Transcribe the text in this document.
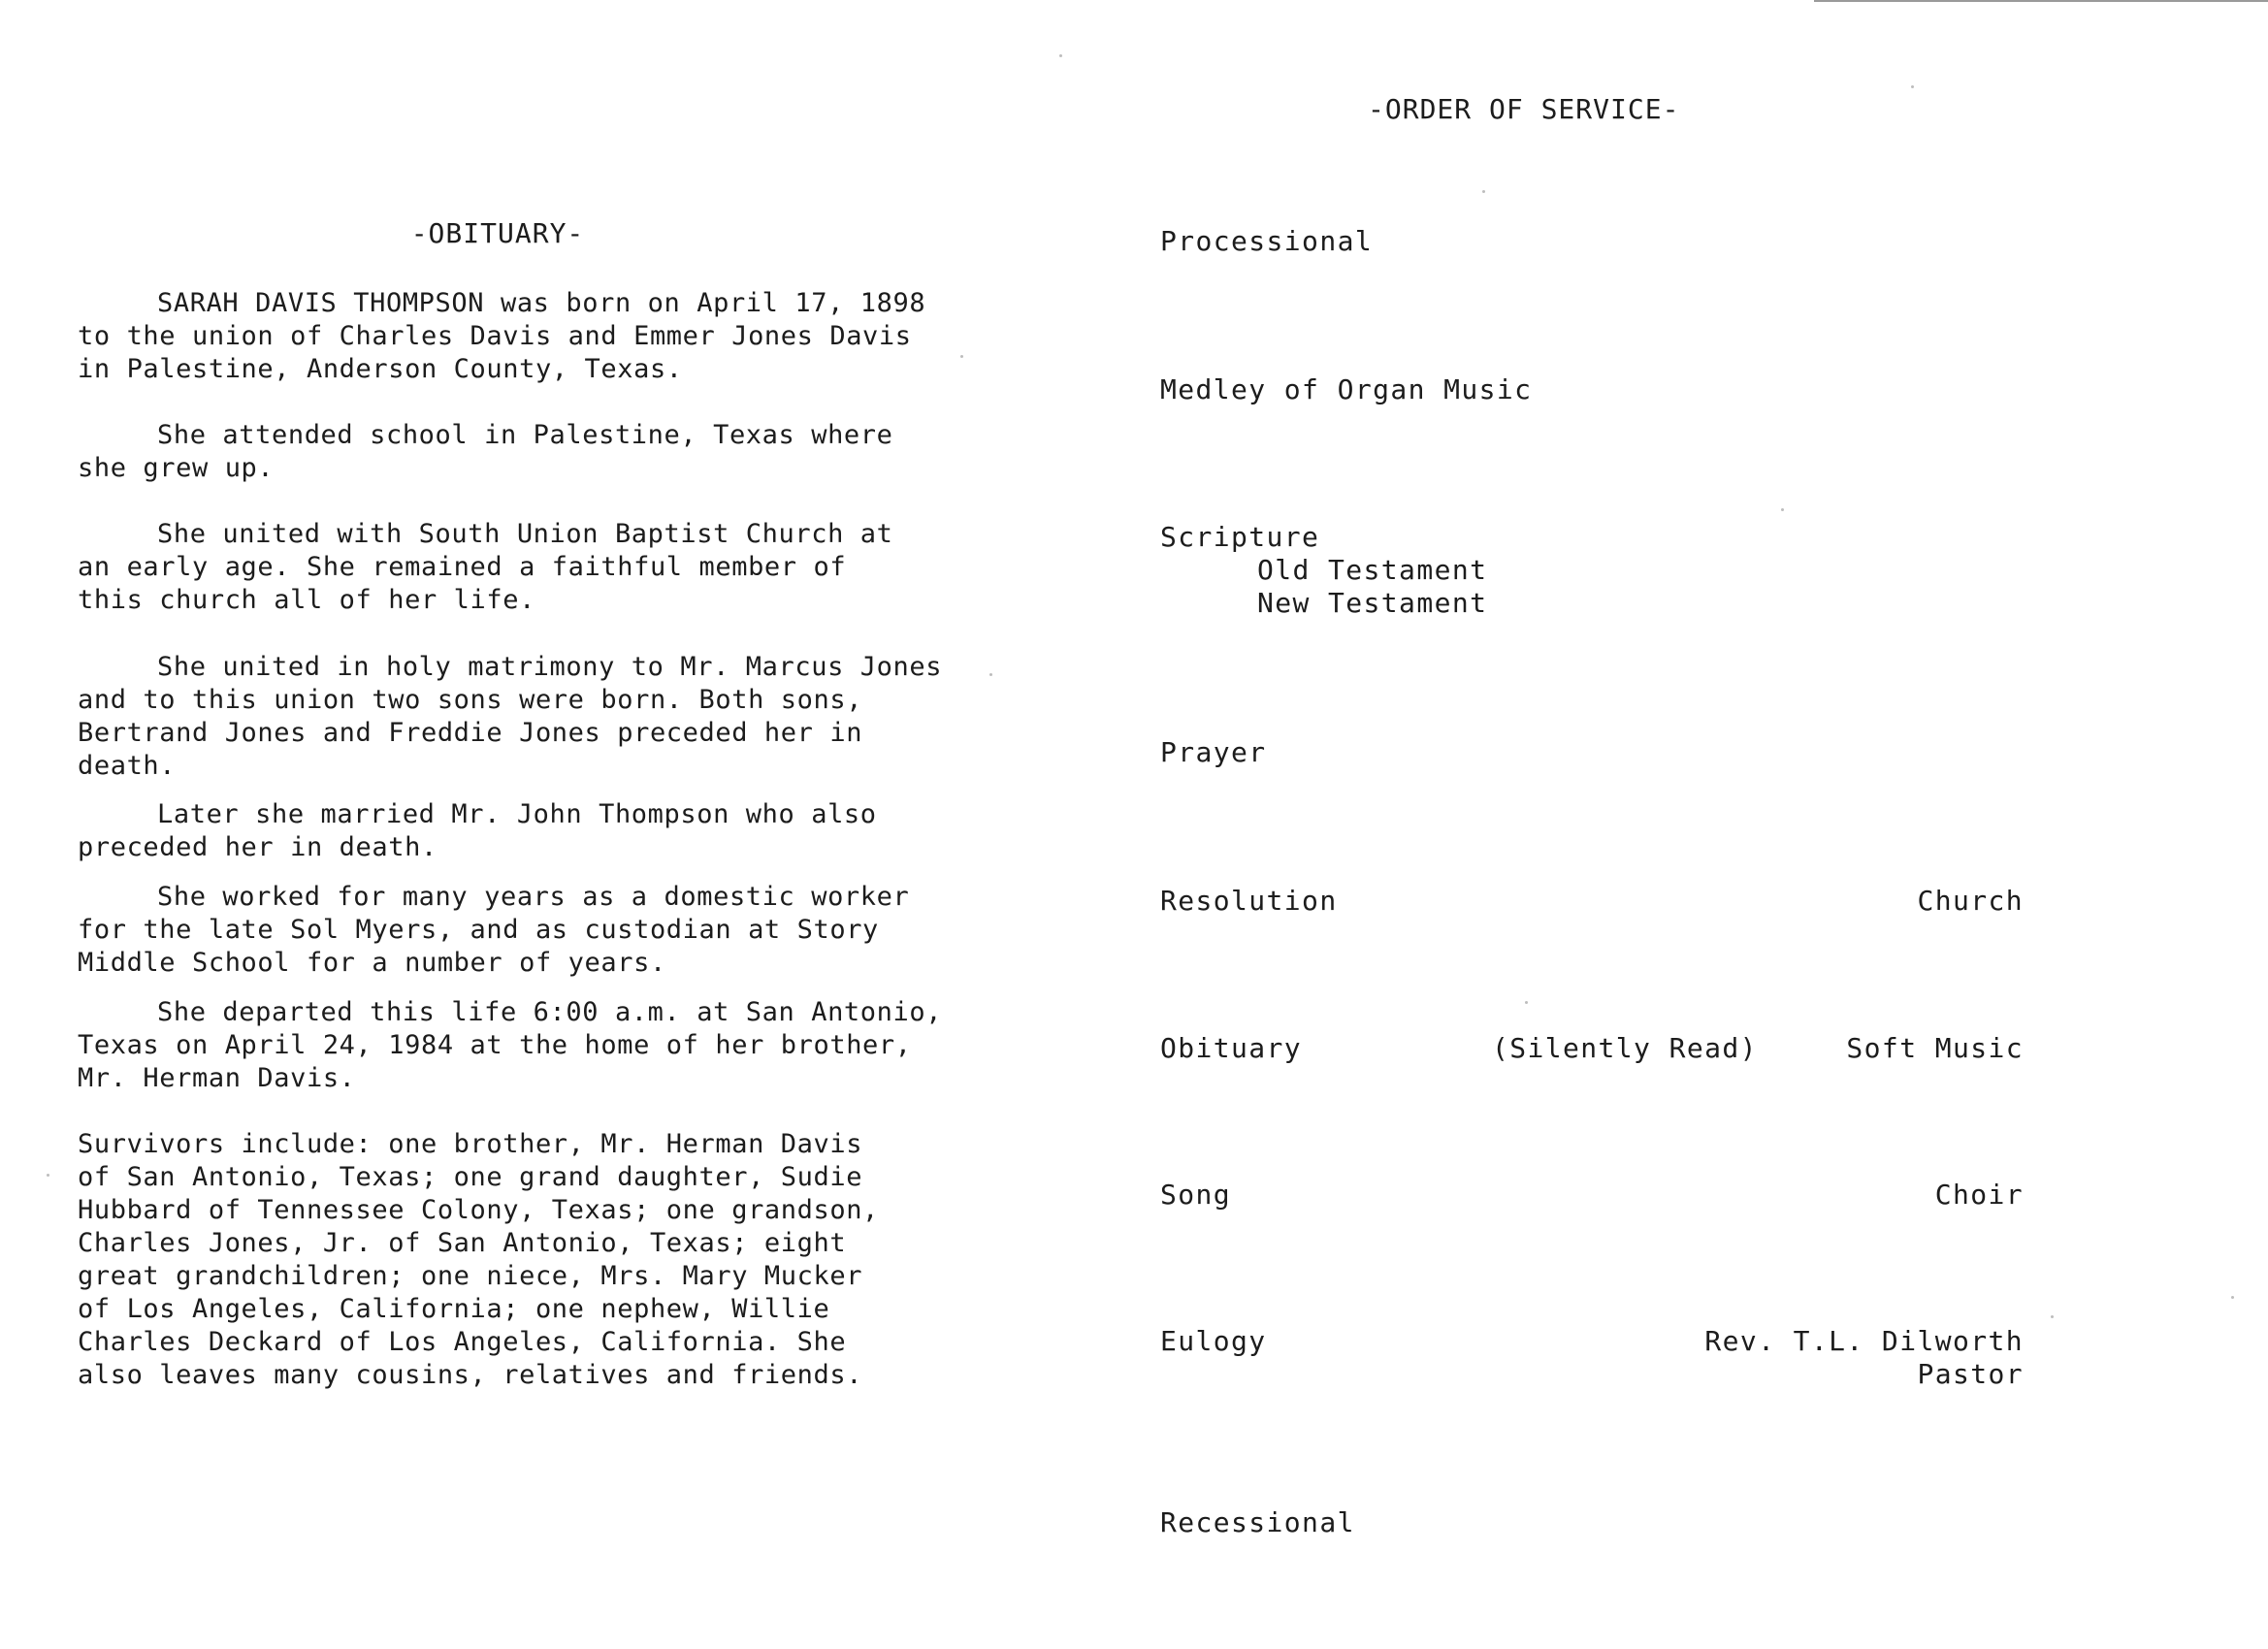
-OBITUARY-

SARAH DAVIS THOMPSON was born on April 17, 1898
to the union of Charles Davis and Emmer Jones Davis
in Palestine, Anderson County, Texas.

She attended school in Palestine, Texas where
she grew up.

She united with South Union Baptist Church at
an early age. She remained a faithful member of
this church all of her life.

She united in holy matrimony to Mr. Marcus Jones
and to this union two sons were born. Both sons,
Bertrand Jones and Freddie Jones preceded her in
death.

Later she married Mr. John Thompson who also
preceded her in death.

She worked for many years as a domestic worker
for the late Sol Myers, and as custodian at Story
Middle School for a number of years.

She departed this life 6:00 a.m. at San Antonio,
Texas on April 24, 1984 at the home of her brother,
Mr. Herman Davis.

Survivors include: one brother, Mr. Herman Davis
of San Antonio, Texas; one grand daughter, Sudie
Hubbard of Tennessee Colony, Texas; one grandson,
Charles Jones, Jr. of San Antonio, Texas; eight
great grandchildren; one niece, Mrs. Mary Mucker
of Los Angeles, California; one nephew, Willie
Charles Deckard of Los Angeles, California. She
also leaves many cousins, relatives and friends.

-ORDER OF SERVICE-
Processional
Medley of Organ Music
Scripture
Old Testament
New Testament
Prayer
Resolution	Church
Obituary	(Silently Read)	Soft Music
Song	Choir
Eulogy	Rev. T.L. Dilworth
Pastor
Recessional
